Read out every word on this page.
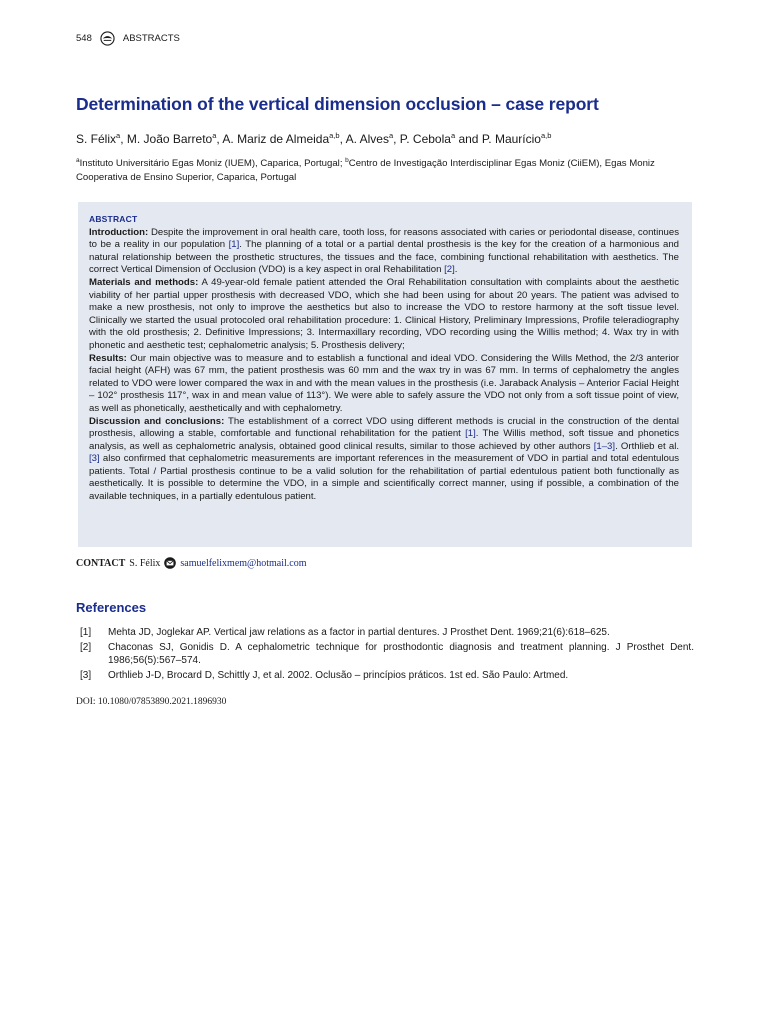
548	ABSTRACTS
Determination of the vertical dimension occlusion – case report
S. Félix$^a$, M. João Barreto$^a$, A. Mariz de Almeida$^{a,b}$, A. Alves$^a$, P. Cebola$^a$ and P. Maurício$^{a,b}$
$^a$Instituto Universitário Egas Moniz (IUEM), Caparica, Portugal; $^b$Centro de Investigação Interdisciplinar Egas Moniz (CiiEM), Egas Moniz Cooperativa de Ensino Superior, Caparica, Portugal
ABSTRACT

Introduction: Despite the improvement in oral health care, tooth loss, for reasons associated with caries or periodontal disease, continues to be a reality in our population [1]. The planning of a total or a partial dental prosthesis is the key for the creation of a harmonious and natural relationship between the prosthetic structures, the tissues and the face, combining functional rehabilitation with aesthetics. The correct Vertical Dimension of Occlusion (VDO) is a key aspect in oral Rehabilitation [2].

Materials and methods: A 49-year-old female patient attended the Oral Rehabilitation consultation with complaints about the aesthetic viability of her partial upper prosthesis with decreased VDO, which she had been using for about 20 years. The patient was advised to make a new prosthesis, not only to improve the aesthetics but also to increase the VDO to restore harmony at the soft tissue level. Clinically we started the usual protocoled oral rehabilitation procedure: 1. Clinical History, Preliminary Impressions, Profile teleradiography with the old prosthesis; 2. Definitive Impressions; 3. Intermaxillary recording, VDO recording using the Willis method; 4. Wax try in with phonetic and aesthetic test; cephalometric analysis; 5. Prosthesis delivery;

Results: Our main objective was to measure and to establish a functional and ideal VDO. Considering the Wills Method, the 2/3 anterior facial height (AFH) was 67 mm, the patient prosthesis was 60 mm and the wax try in was 67 mm. In terms of cephalometry the angles related to VDO were lower compared the wax in and with the mean values in the prosthesis (i.e. Jaraback Analysis – Anterior Facial Height – 102° prosthesis 117°, wax in and mean value of 113°). We were able to safely assure the VDO not only from a soft tissue point of view, as well as phonetically, aesthetically and with cephalometry.

Discussion and conclusions: The establishment of a correct VDO using different methods is crucial in the construction of the dental prosthesis, allowing a stable, comfortable and functional rehabilitation for the patient [1]. The Willis method, soft tissue and phonetics analysis, as well as cephalometric analysis, obtained good clinical results, similar to those achieved by other authors [1–3]. Orthlieb et al. [3] also confirmed that cephalometric measurements are important references in the measurement of VDO in partial and total edentulous patients. Total / Partial prosthesis continue to be a valid solution for the rehabilitation of partial edentulous patient both functionally as aesthetically. It is possible to determine the VDO, in a simple and scientifically correct manner, using if possible, a combination of the available techniques, in a partially edentulous patient.

CONTACT S. Félix samuelfelixmem@hotmail.com
References
[1]	Mehta JD, Joglekar AP. Vertical jaw relations as a factor in partial dentures. J Prosthet Dent. 1969;21(6):618–625.
[2]	Chaconas SJ, Gonidis D. A cephalometric technique for prosthodontic diagnosis and treatment planning. J Prosthet Dent. 1986;56(5):567–574.
[3]	Orthlieb J-D, Brocard D, Schittly J, et al. 2002. Oclusão – princípios práticos. 1st ed. São Paulo: Artmed.
DOI: 10.1080/07853890.2021.1896930
